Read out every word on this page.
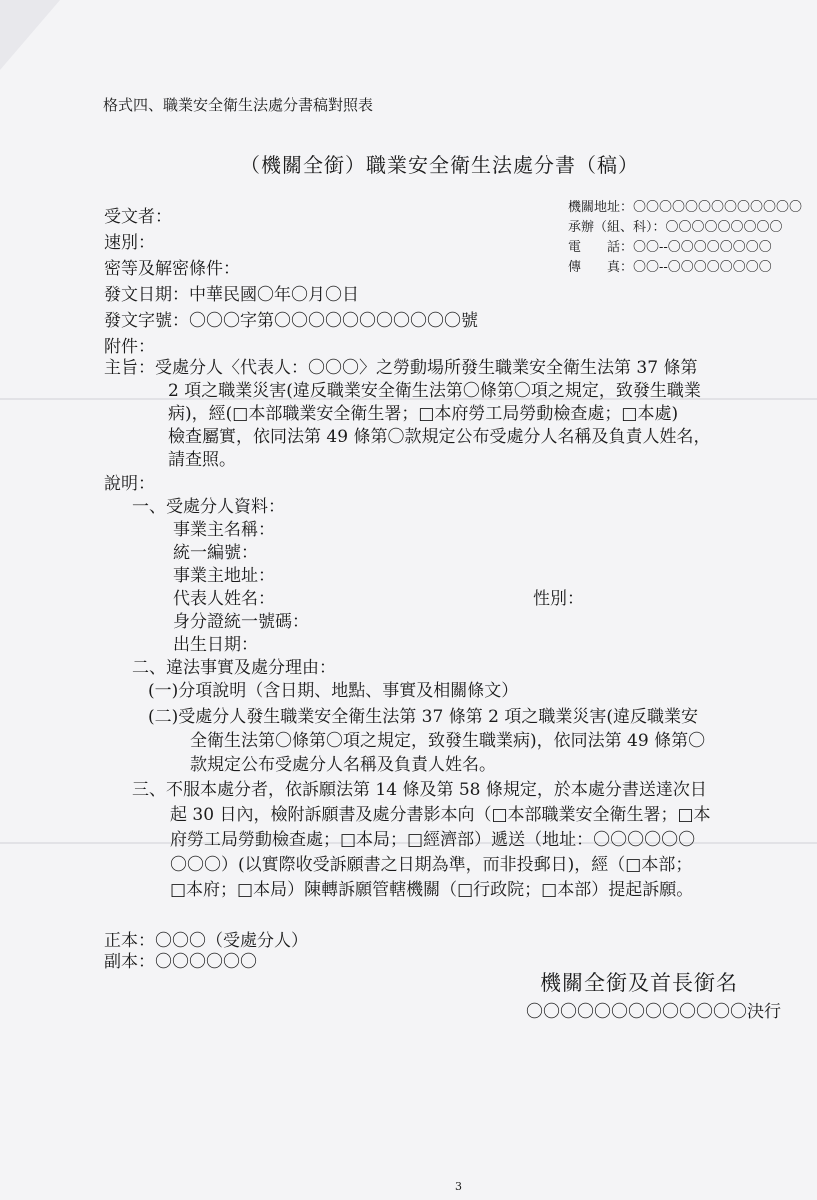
格式四、職業安全衛生法處分書稿對照表
（機關全銜）職業安全衛生法處分書（稿）
受文者：
速別：
密等及解密條件：
發文日期：中華民國〇年〇月〇日
發文字號：〇〇〇字第〇〇〇〇〇〇〇〇〇〇〇號
附件：
機關地址：〇〇〇〇〇〇〇〇〇〇〇〇〇
承辦（組、科）：〇〇〇〇〇〇〇〇〇
電　　話：〇〇--〇〇〇〇〇〇〇〇
傳　　真：〇〇--〇〇〇〇〇〇〇〇
主旨：受處分人〈代表人：〇〇〇〉之勞動場所發生職業安全衛生法第 37 條第
2 項之職業災害(違反職業安全衛生法第〇條第〇項之規定，致發生職業
病)，經(□本部職業安全衛生署；□本府勞工局勞動檢查處；□本處)
檢查屬實，依同法第 49 條第〇款規定公布受處分人名稱及負責人姓名，
請查照。
說明：
一、受處分人資料：
事業主名稱：
統一編號：
事業主地址：
代表人姓名：	性別：
身分證統一號碼：
出生日期：
二、違法事實及處分理由：
(一)分項說明（含日期、地點、事實及相關條文）
(二)受處分人發生職業安全衛生法第 37 條第 2 項之職業災害(違反職業安
全衛生法第〇條第〇項之規定，致發生職業病)，依同法第 49 條第〇
款規定公布受處分人名稱及負責人姓名。
三、不服本處分者，依訴願法第 14 條及第 58 條規定，於本處分書送達次日
起 30 日內，檢附訴願書及處分書影本向（□本部職業安全衛生署；□本
府勞工局勞動檢查處；□本局；□經濟部）遞送（地址：〇〇〇〇〇〇
〇〇〇）(以實際收受訴願書之日期為準，而非投郵日)，經（□本部；
□本府；□本局）陳轉訴願管轄機關（□行政院；□本部）提起訴願。
正本：〇〇〇（受處分人）
副本：〇〇〇〇〇〇
機關全銜及首長銜名
〇〇〇〇〇〇〇〇〇〇〇〇〇決行
3
